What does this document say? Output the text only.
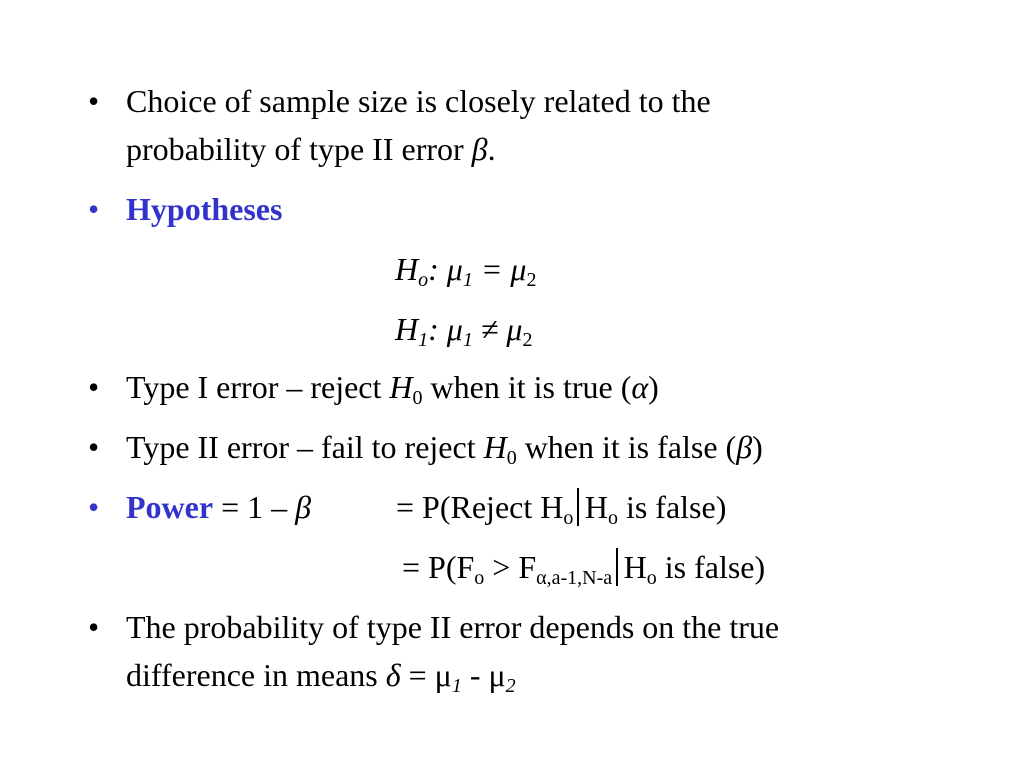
• Choice of sample size is closely related to the
probability of type II error β.
• Hypotheses
$H_o$: $\mu_1 = \mu_2$
$H_1$: $\mu_1 \ne \mu_2$
• Type I error – reject $H_0$ when it is true (α)
• Type II error – fail to reject $H_0$ when it is false (β)
• Power = 1 – β	= P(Reject $H_o$ $H_o$ is false)
= $P(F_o > F_{\alpha,a-1,N-a}$ $H_o$ is false)
• The probability of type II error depends on the true
difference in means $\delta = \mu_1 - \mu_2$
